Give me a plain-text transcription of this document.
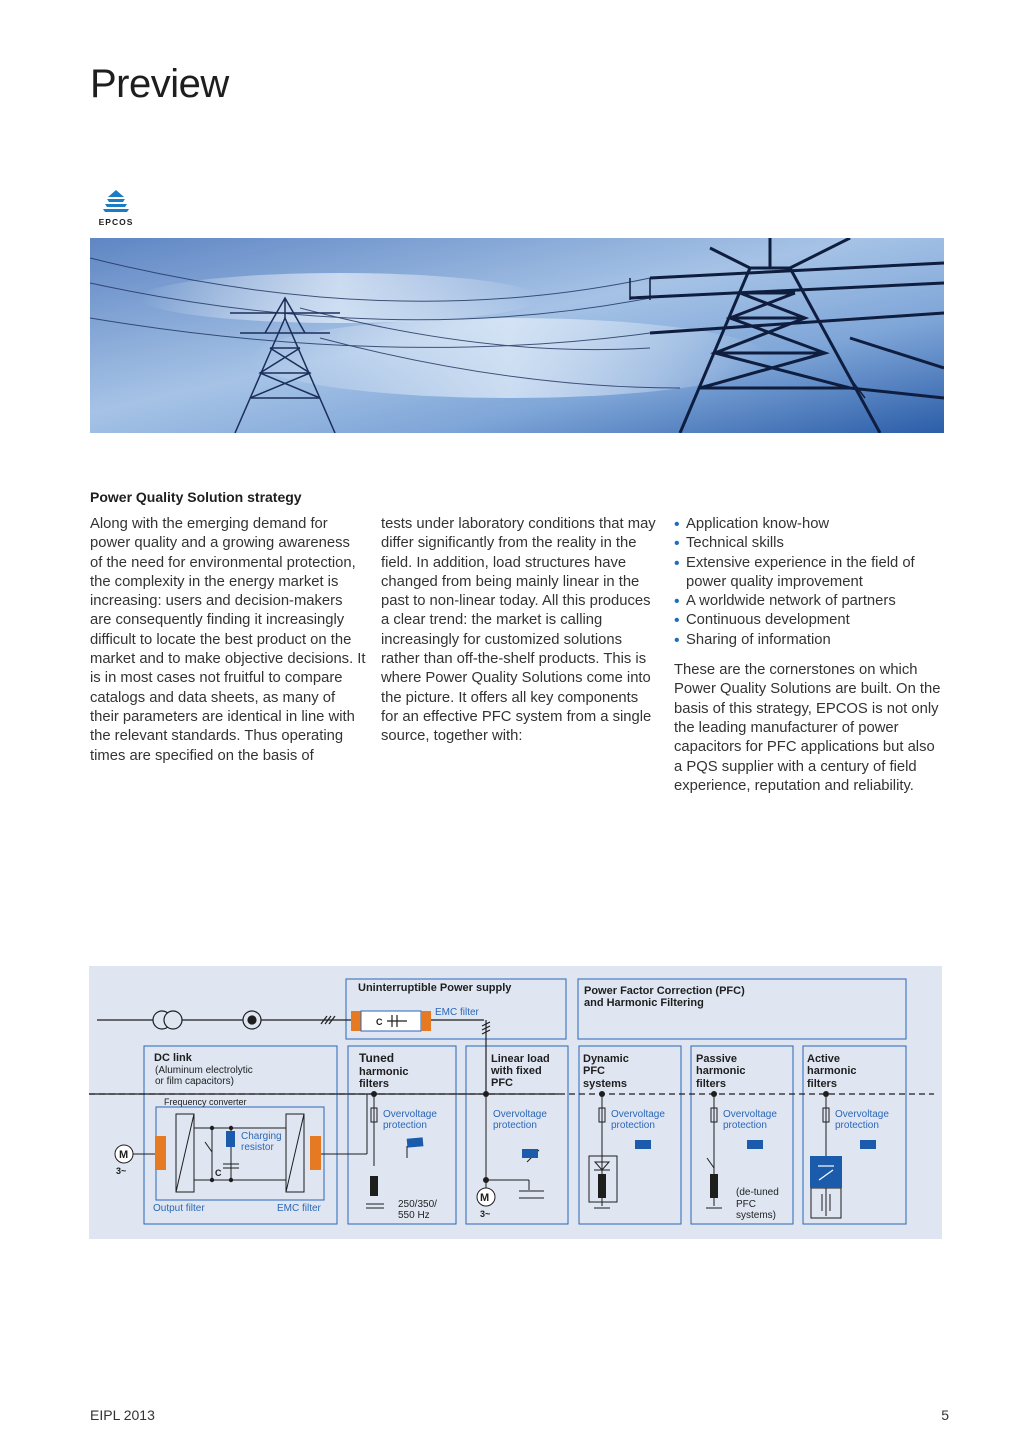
Preview
EPCOS
Power Quality Solution strategy

Along with the emerging demand for power quality and a growing awareness of the need for environmental protection, the complexity in the energy market is increasing: users and decision-makers are consequently finding it increasingly difficult to locate the best product on the market and to make objective decisions. It is in most cases not fruitful to compare catalogs and data sheets, as many of their parameters are identical in line with the relevant standards. Thus operating times are specified on the basis of

tests under laboratory conditions that may differ significantly from the reality in the field. In addition, load structures have changed from being mainly linear in the past to non-linear today. All this produces a clear trend: the market is calling increasingly for customized solutions rather than off-the-shelf products. This is where Power Quality Solutions come into the picture. It offers all key components for an effective PFC system from a single source, together with:

• Application know-how
• Technical skills
• Extensive experience in the field of power quality improvement
• A worldwide network of partners
• Continuous development
• Sharing of information

These are the cornerstones on which Power Quality Solutions are built. On the basis of this strategy, EPCOS is not only the leading manufacturer of power capacitors for PFC applications but also a PQS supplier with a century of field experience, reputation and reliability.

Uninterruptible Power supply
EMC filter
C
Power Factor Correction (PFC)
and Harmonic Filtering
DC link
(Aluminum electrolytic
or film capacitors)
Frequency converter
Charging
resistor
C
M
3~
Output filter	EMC filter
Tuned
harmonic
filters
Overvoltage
protection
250/350/
550 Hz
Linear load
with fixed
PFC
Overvoltage
protection
M
3~
Dynamic
PFC
systems
Overvoltage
protection
Passive
harmonic
filters
Overvoltage
protection
(de-tuned
PFC
systems)
Active
harmonic
filters
Overvoltage
protection
EIPL 2013	5
